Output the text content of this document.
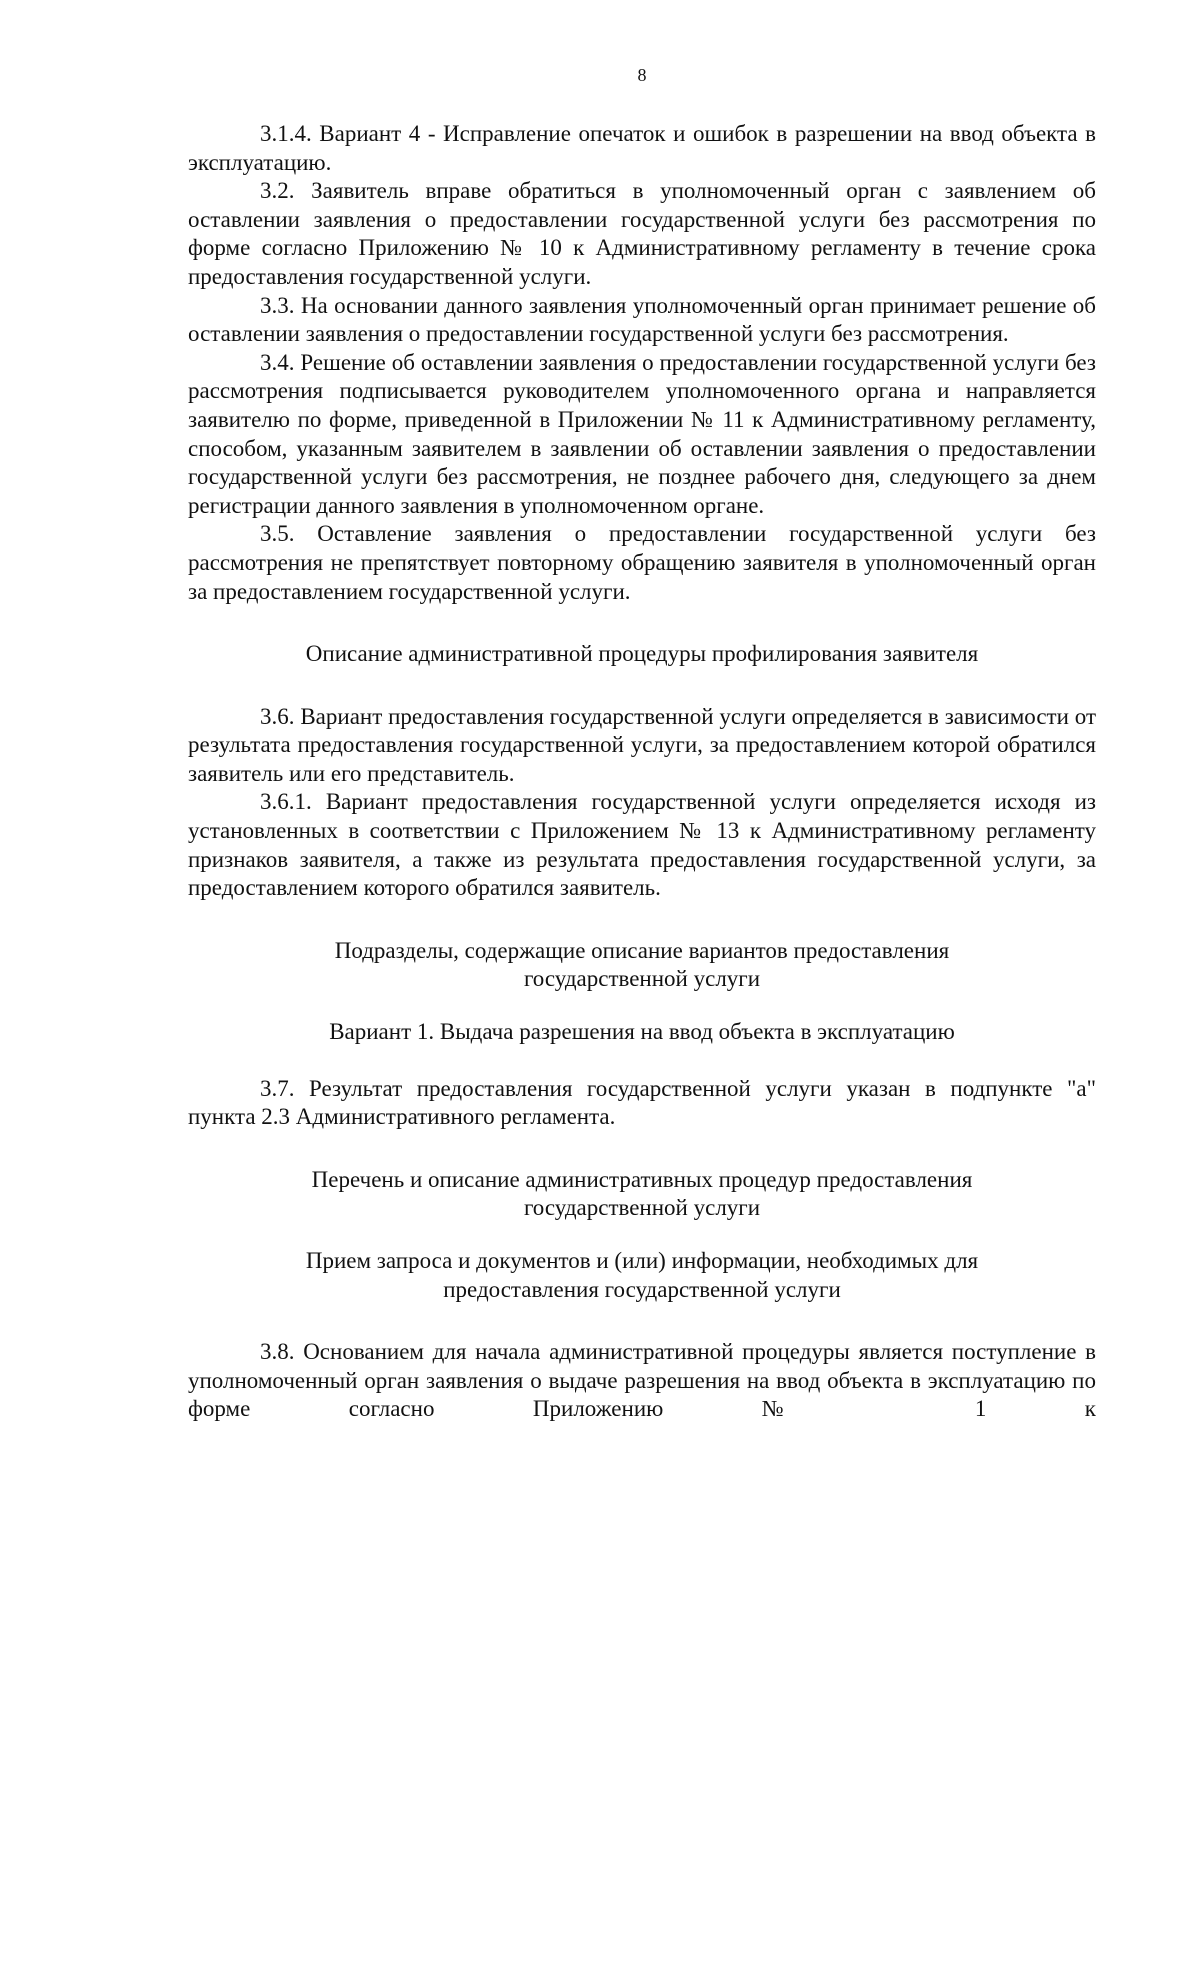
8

3.1.4. Вариант 4 - Исправление опечаток и ошибок в разрешении на ввод объекта в эксплуатацию.

3.2. Заявитель вправе обратиться в уполномоченный орган с заявлением об оставлении заявления о предоставлении государственной услуги без рассмотрения по форме согласно Приложению № 10 к Административному регламенту в течение срока предоставления государственной услуги.

3.3. На основании данного заявления уполномоченный орган принимает решение об оставлении заявления о предоставлении государственной услуги без рассмотрения.

3.4. Решение об оставлении заявления о предоставлении государственной услуги без рассмотрения подписывается руководителем уполномоченного органа и направляется заявителю по форме, приведенной в Приложении № 11 к Административному регламенту, способом, указанным заявителем в заявлении об оставлении заявления о предоставлении государственной услуги без рассмотрения, не позднее рабочего дня, следующего за днем регистрации данного заявления в уполномоченном органе.

3.5. Оставление заявления о предоставлении государственной услуги без рассмотрения не препятствует повторному обращению заявителя в уполномоченный орган за предоставлением государственной услуги.

Описание административной процедуры профилирования заявителя

3.6. Вариант предоставления государственной услуги определяется в зависимости от результата предоставления государственной услуги, за предоставлением которой обратился заявитель или его представитель.

3.6.1. Вариант предоставления государственной услуги определяется исходя из установленных в соответствии с Приложением № 13 к Административному регламенту признаков заявителя, а также из результата предоставления государственной услуги, за предоставлением которого обратился заявитель.

Подразделы, содержащие описание вариантов предоставления государственной услуги

Вариант 1. Выдача разрешения на ввод объекта в эксплуатацию

3.7. Результат предоставления государственной услуги указан в подпункте "а" пункта 2.3 Административного регламента.

Перечень и описание административных процедур предоставления государственной услуги

Прием запроса и документов и (или) информации, необходимых для предоставления государственной услуги

3.8. Основанием для начала административной процедуры является поступление в уполномоченный орган заявления о выдаче разрешения на ввод объекта в эксплуатацию по форме согласно Приложению № 1 к
